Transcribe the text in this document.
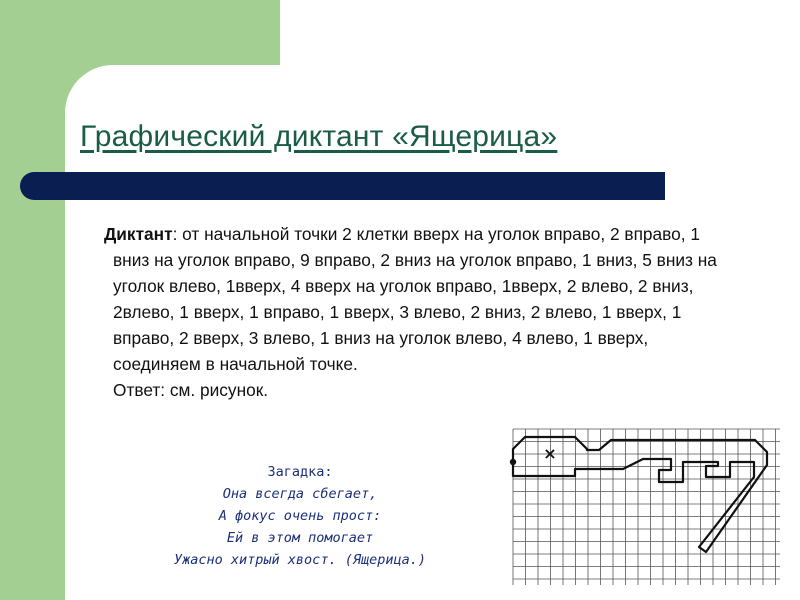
Графический диктант «Ящерица»
Диктант: от начальной точки 2 клетки вверх на уголок вправо, 2 вправо, 1 вниз на уголок вправо, 9 вправо, 2 вниз на уголок вправо, 1 вниз, 5 вниз на уголок влево, 1вверх, 4 вверх на уголок вправо, 1вверх, 2 влево, 2 вниз, 2влево, 1 вверх, 1 вправо, 1 вверх, 3 влево, 2 вниз, 2 влево, 1 вверх, 1 вправо, 2 вверх, 3 влево, 1 вниз на уголок влево, 4 влево, 1 вверх, соединяем в начальной точке.
Ответ: см. рисунок.
Загадка:
Она всегда сбегает,
А фокус очень прост:
Ей в этом помогает
Ужасно хитрый хвост. (Ящерица.)
×
